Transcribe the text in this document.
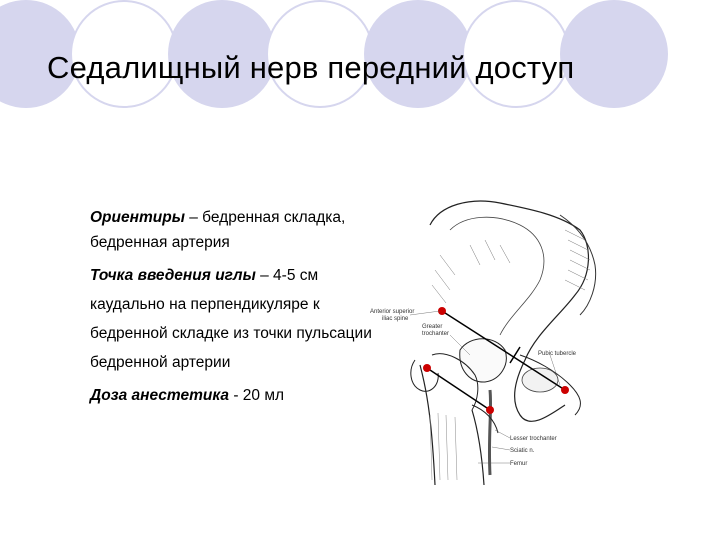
Седалищный нерв передний доступ

Ориентиры – бедренная складка, бедренная артерия

Точка введения иглы – 4-5 см каудально на перпендикуляре к бедренной складке из точки пульсации бедренной артерии

Доза анестетика - 20 мл

Anterior superior
iliac spine
Greater
trochanter
Pubic tubercle
Lesser trochanter
Sciatic n.
Femur
